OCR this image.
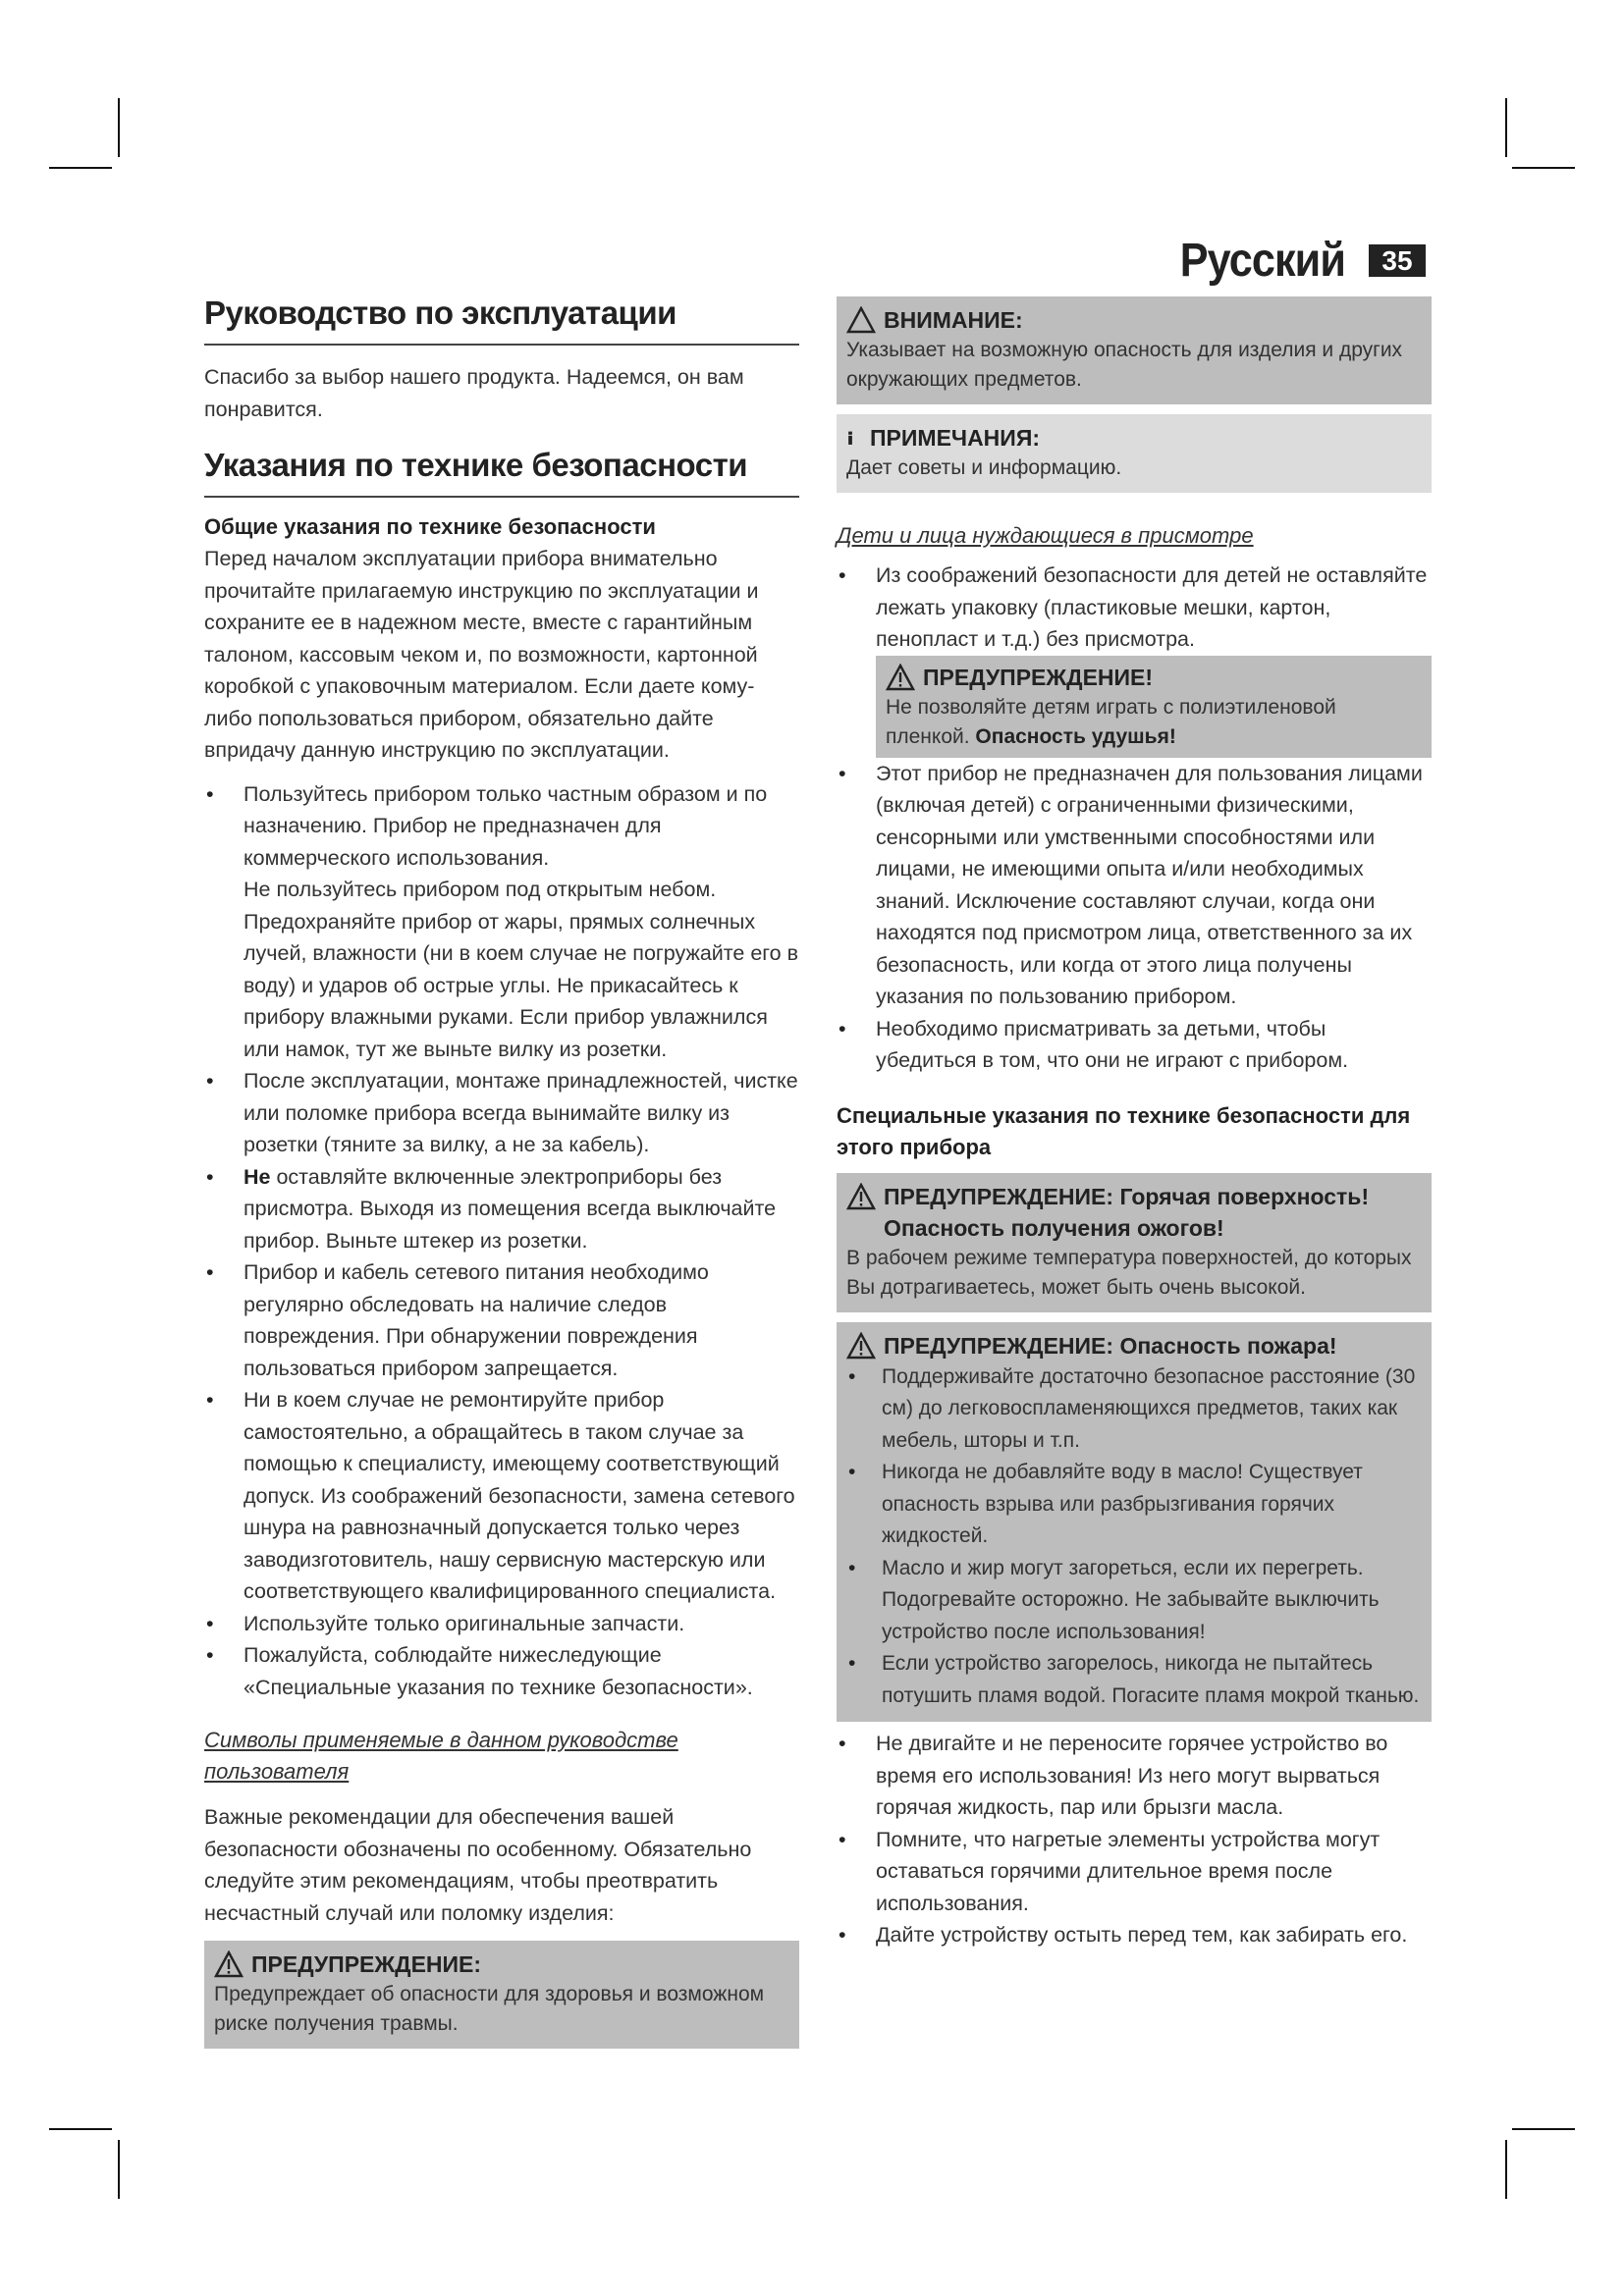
Русский	35
Руководство по эксплуатации

Спасибо за выбор нашего продукта. Надеемся, он вам понравится.

Указания по технике безопасности
Общие указания по технике безопасности

Перед началом эксплуатации прибора внимательно прочитайте прилагаемую инструкцию по эксплуатации и сохраните ее в надежном месте, вместе с гарантийным талоном, кассовым чеком и, по возможности, картонной коробкой с упаковочным материалом. Если даете кому-либо попользоваться прибором, обязательно дайте впридачу данную инструкцию по эксплуатации.

• Пользуйтесь прибором только частным образом и по назначению. Прибор не предназначен для коммерческого использования.
Не пользуйтесь прибором под открытым небом. Предохраняйте прибор от жары, прямых солнечных лучей, влажности (ни в коем случае не погружайте его в воду) и ударов об острые углы. Не прикасайтесь к прибору влажными руками. Если прибор увлажнился или намок, тут же выньте вилку из розетки.
• После эксплуатации, монтаже принадлежностей, чистке или поломке прибора всегда вынимайте вилку из розетки (тяните за вилку, а не за кабель).
• Не оставляйте включенные электроприборы без присмотра. Выходя из помещения всегда выключайте прибор. Выньте штекер из розетки.
• Прибор и кабель сетевого питания необходимо регулярно обследовать на наличие следов повреждения. При обнаружении повреждения пользоваться прибором запрещается.
• Ни в коем случае не ремонтируйте прибор самостоятельно, а обращайтесь в таком случае за помощью к специалисту, имеющему соответствующий допуск. Из соображений безопасности, замена сетевого шнура на равнозначный допускается только через заводизготовитель, нашу сервисную мастерскую или соответствующего квалифицированного специалиста.
• Используйте только оригинальные запчасти.
• Пожалуйста, соблюдайте нижеследующие «Специальные указания по технике безопасности».
Символы применяемые в данном руководстве пользователя

Важные рекомендации для обеспечения вашей безопасности обозначены по особенному. Обязательно следуйте этим рекомендациям, чтобы преотвратить несчастный случай или поломку изделия:

ПРЕДУПРЕЖДЕНИЕ:

Предупреждает об опасности для здоровья и возможном риске получения травмы.

ВНИМАНИЕ:

Указывает на возможную опасность для изделия и других окружающих предметов.

ПРИМЕЧАНИЯ:

Дает советы и информацию.

Дети и лица нуждающиеся в присмотре
• Из соображений безопасности для детей не оставляйте лежать упаковку (пластиковые мешки, картон, пенопласт и т.д.) без присмотра.
ПРЕДУПРЕЖДЕНИЕ!

Не позволяйте детям играть с полиэтиленовой пленкой. Опасность удушья!

• Этот прибор не предназначен для пользования лицами (включая детей) с ограниченными физическими, сенсорными или умственными способностями или лицами, не имеющими опыта и/или необходимых знаний. Исключение составляют случаи, когда они находятся под присмотром лица, ответственного за их безопасность, или когда от этого лица получены указания по пользованию прибором.
• Необходимо присматривать за детьми, чтобы убедиться в том, что они не играют с прибором.
Специальные указания по технике безопасности для этого прибора
ПРЕДУПРЕЖДЕНИЕ: Горячая поверхность!
Опасность получения ожогов!

В рабочем режиме температура поверхностей, до которых Вы дотрагиваетесь, может быть очень высокой.

ПРЕДУПРЕЖДЕНИЕ: Опасность пожара!
• Поддерживайте достаточно безопасное расстояние (30 см) до легковоспламеняющихся предметов, таких как мебель, шторы и т.п.
• Никогда не добавляйте воду в масло! Существует опасность взрыва или разбрызгивания горячих жидкостей.
• Масло и жир могут загореться, если их перегреть. Подогревайте осторожно. Не забывайте выключить устройство после использования!
• Если устройство загорелось, никогда не пытайтесь потушить пламя водой. Погасите пламя мокрой тканью.
• Не двигайте и не переносите горячее устройство во время его использования! Из него могут вырваться горячая жидкость, пар или брызги масла.
• Помните, что нагретые элементы устройства могут оставаться горячими длительное время после использования.
• Дайте устройству остыть перед тем, как забирать его.
